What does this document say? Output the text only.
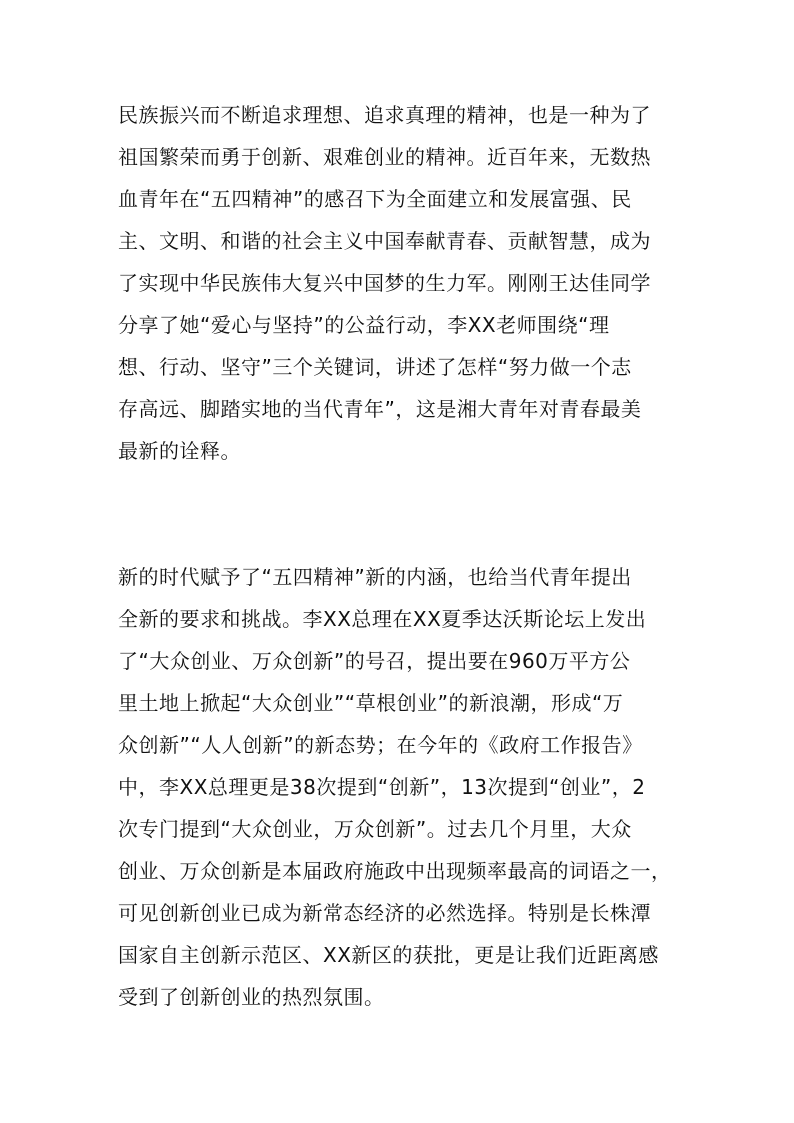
民族振兴而不断追求理想、追求真理的精神，也是一种为了
祖国繁荣而勇于创新、艰难创业的精神。近百年来，无数热
血青年在“五四精神”的感召下为全面建立和发展富强、民
主、文明、和谐的社会主义中国奉献青春、贡献智慧，成为
了实现中华民族伟大复兴中国梦的生力军。刚刚王达佳同学
分享了她“爱心与坚持”的公益行动，李XX老师围绕“理
想、行动、坚守”三个关键词，讲述了怎样“努力做一个志
存高远、脚踏实地的当代青年”，这是湘大青年对青春最美
最新的诠释。
新的时代赋予了“五四精神”新的内涵，也给当代青年提出
全新的要求和挑战。李XX总理在XX夏季达沃斯论坛上发出
了“大众创业、万众创新”的号召，提出要在960万平方公
里土地上掀起“大众创业”“草根创业”的新浪潮，形成“万
众创新”“人人创新”的新态势；在今年的《政府工作报告》
中，李XX总理更是38次提到“创新”，13次提到“创业”，2
次专门提到“大众创业，万众创新”。过去几个月里，大众
创业、万众创新是本届政府施政中出现频率最高的词语之一，
可见创新创业已成为新常态经济的必然选择。特别是长株潭
国家自主创新示范区、XX新区的获批，更是让我们近距离感
受到了创新创业的热烈氛围。
